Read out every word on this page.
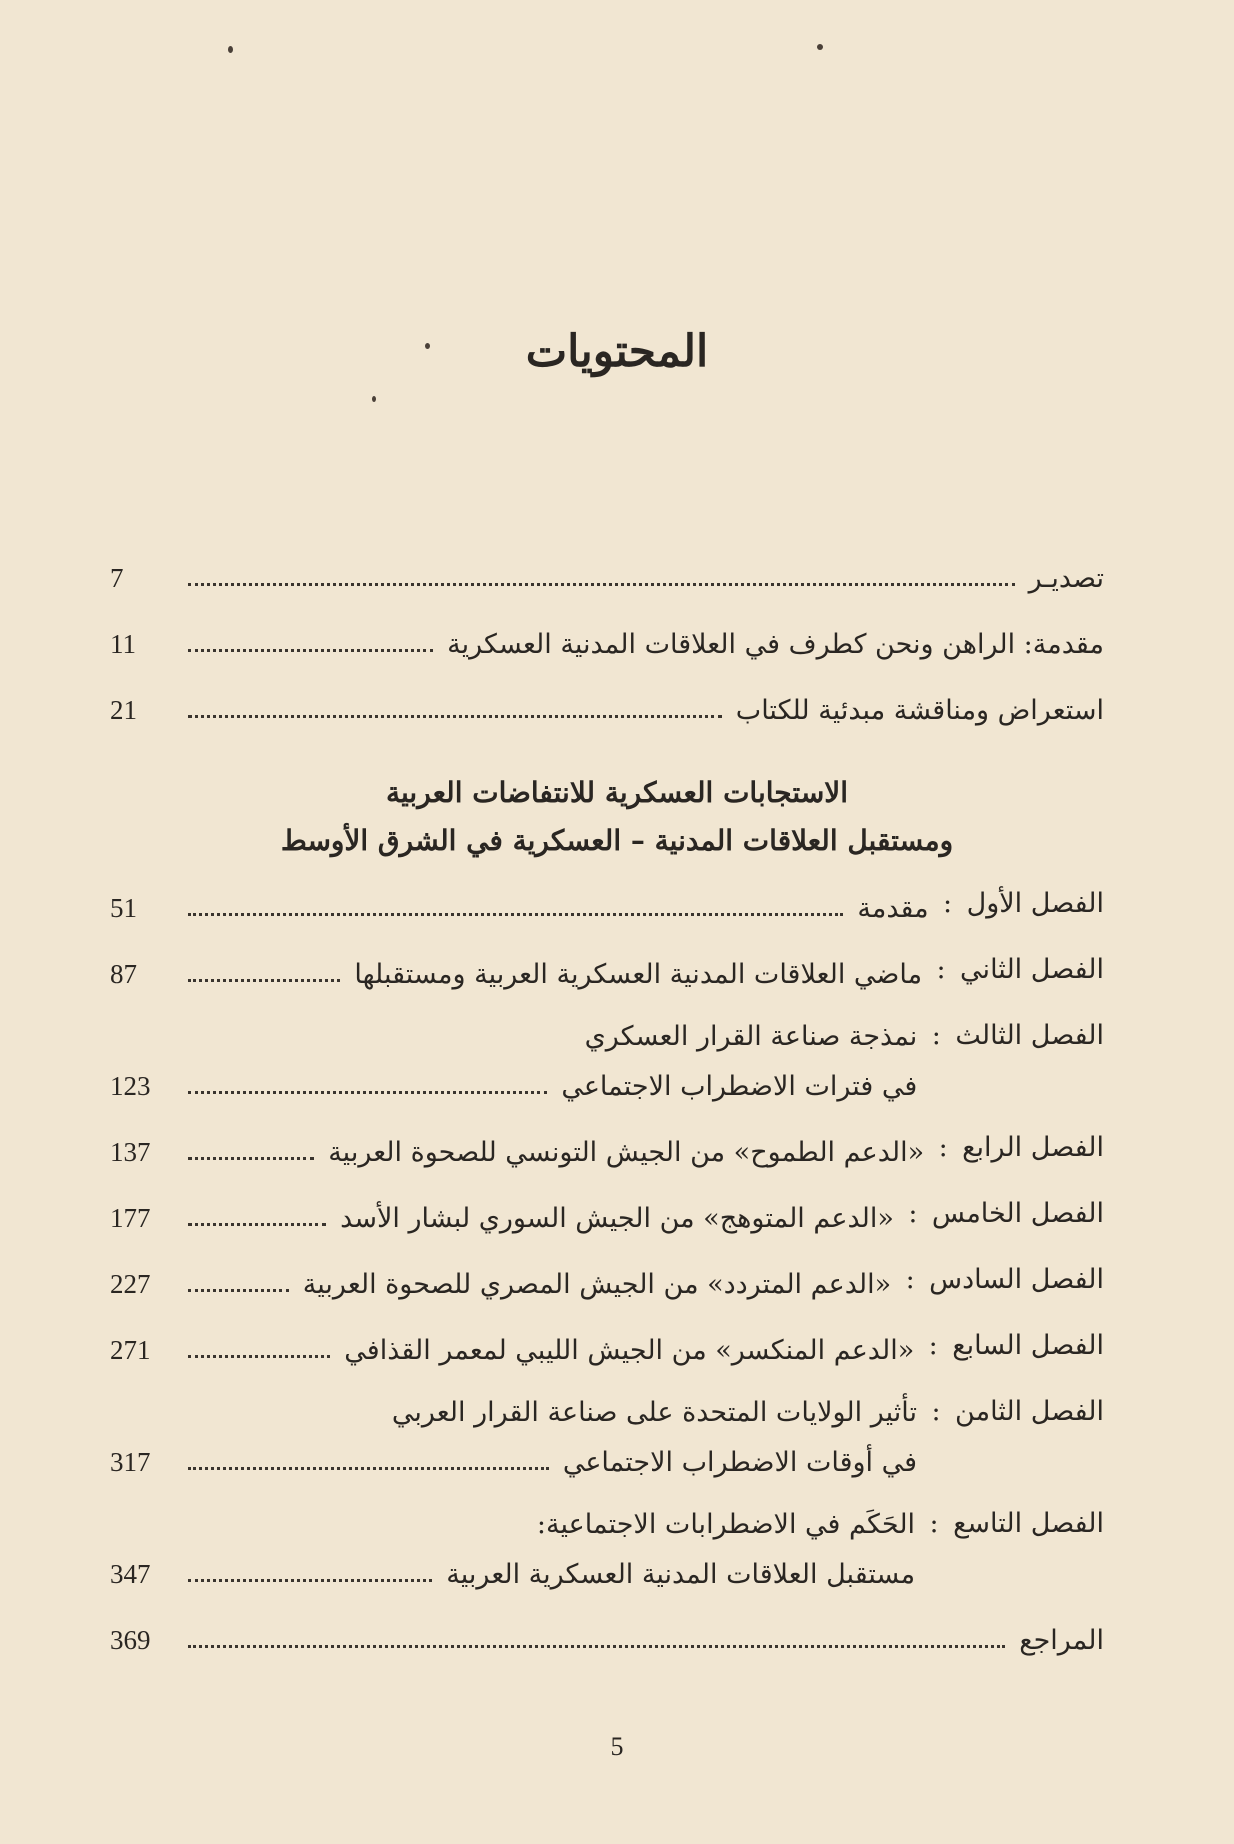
المحتويات
تصديـر
7
مقدمة: الراهن ونحن كطرف في العلاقات المدنية العسكرية
11
استعراض ومناقشة مبدئية للكتاب
21
الفصل الأول
:
مقدمة
51
الفصل الثاني
:
ماضي العلاقات المدنية العسكرية العربية ومستقبلها
87
الفصل الثالث
:
نمذجة صناعة القرار العسكري
في فترات الاضطراب الاجتماعي
123
الفصل الرابع
:
«الدعم الطموح» من الجيش التونسي للصحوة العربية
137
الفصل الخامس
:
«الدعم المتوهج» من الجيش السوري لبشار الأسد
177
الفصل السادس
:
«الدعم المتردد» من الجيش المصري للصحوة العربية
227
الفصل السابع
:
«الدعم المنكسر» من الجيش الليبي لمعمر القذافي
271
الفصل الثامن
:
تأثير الولايات المتحدة على صناعة القرار العربي
في أوقات الاضطراب الاجتماعي
317
الفصل التاسع
:
الحَكَم في الاضطرابات الاجتماعية:
مستقبل العلاقات المدنية العسكرية العربية
347
المراجع
369
الاستجابات العسكرية للانتفاضات العربية
ومستقبل العلاقات المدنية – العسكرية في الشرق الأوسط
5
